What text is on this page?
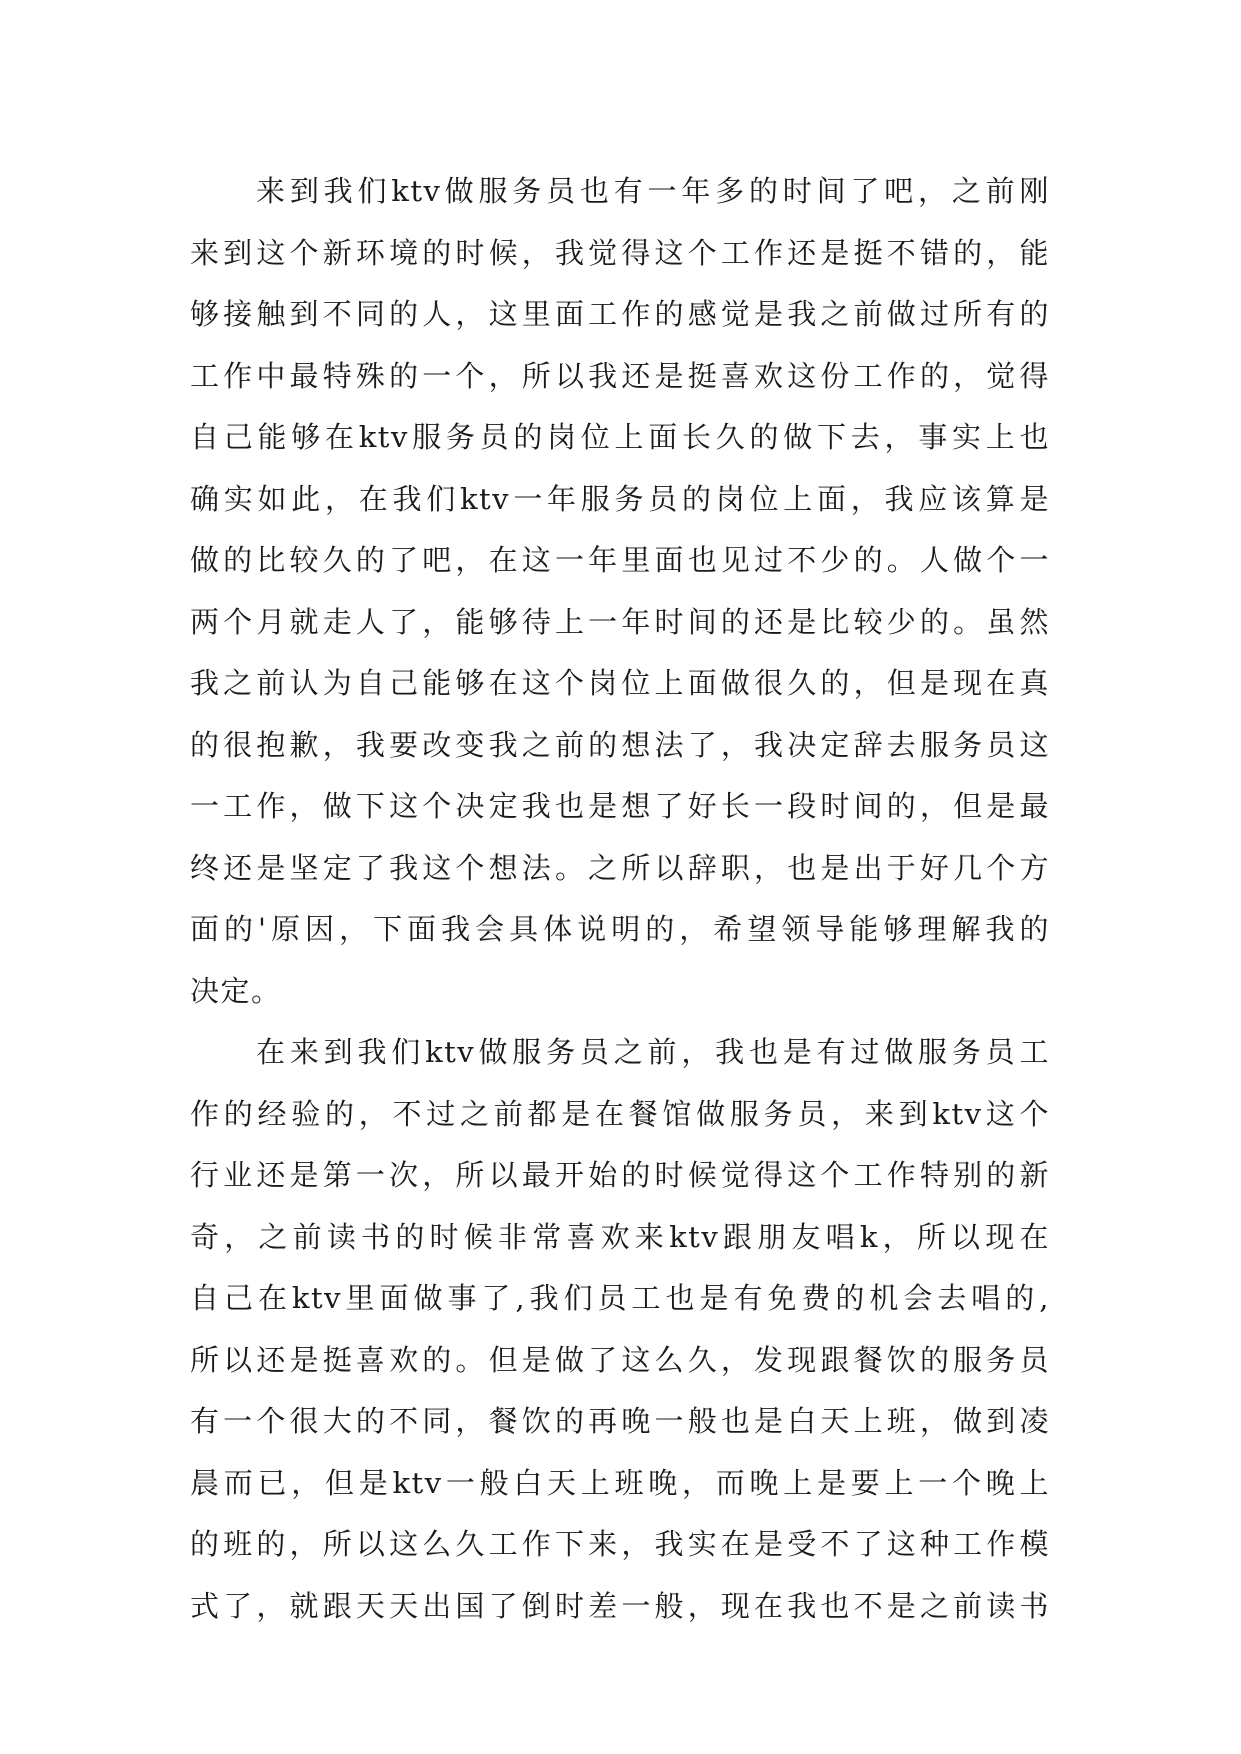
来到我们ktv做服务员也有一年多的时间了吧，之前刚
来到这个新环境的时候，我觉得这个工作还是挺不错的，能
够接触到不同的人，这里面工作的感觉是我之前做过所有的
工作中最特殊的一个，所以我还是挺喜欢这份工作的，觉得
自己能够在ktv服务员的岗位上面长久的做下去，事实上也
确实如此，在我们ktv一年服务员的岗位上面，我应该算是
做的比较久的了吧，在这一年里面也见过不少的。人做个一
两个月就走人了，能够待上一年时间的还是比较少的。虽然
我之前认为自己能够在这个岗位上面做很久的，但是现在真
的很抱歉，我要改变我之前的想法了，我决定辞去服务员这
一工作，做下这个决定我也是想了好长一段时间的，但是最
终还是坚定了我这个想法。之所以辞职，也是出于好几个方
面的'原因，下面我会具体说明的，希望领导能够理解我的
决定。
在来到我们ktv做服务员之前，我也是有过做服务员工
作的经验的，不过之前都是在餐馆做服务员，来到ktv这个
行业还是第一次，所以最开始的时候觉得这个工作特别的新
奇，之前读书的时候非常喜欢来ktv跟朋友唱k，所以现在
自己在ktv里面做事了,我们员工也是有免费的机会去唱的,
所以还是挺喜欢的。但是做了这么久，发现跟餐饮的服务员
有一个很大的不同，餐饮的再晚一般也是白天上班，做到凌
晨而已，但是ktv一般白天上班晚，而晚上是要上一个晚上
的班的，所以这么久工作下来，我实在是受不了这种工作模
式了，就跟天天出国了倒时差一般，现在我也不是之前读书
